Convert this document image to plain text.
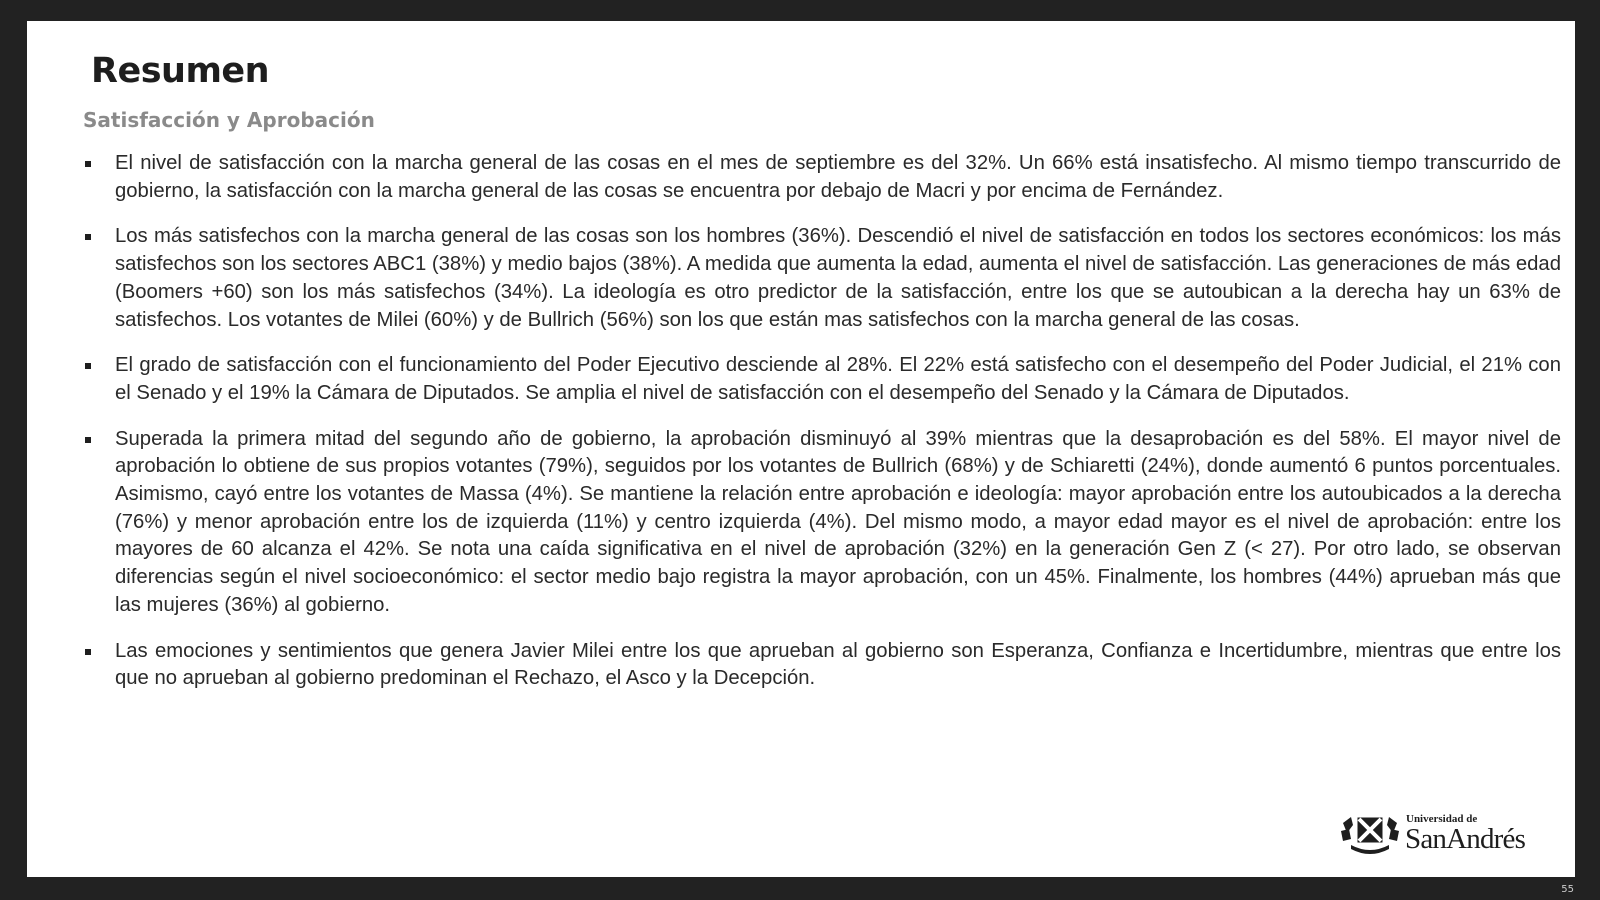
Resumen
Satisfacción y Aprobación
El nivel de satisfacción con la marcha general de las cosas en el mes de septiembre es del 32%. Un 66% está insatisfecho. Al mismo tiempo transcurrido de gobierno, la satisfacción con la marcha general de las cosas se encuentra por debajo de Macri y por encima de Fernández.
Los más satisfechos con la marcha general de las cosas son los hombres (36%). Descendió el nivel de satisfacción en todos los sectores económicos: los más satisfechos son los sectores ABC1 (38%) y medio bajos (38%). A medida que aumenta la edad, aumenta el nivel de satisfacción. Las generaciones de más edad (Boomers +60) son los más satisfechos (34%). La ideología es otro predictor de la satisfacción, entre los que se autoubican a la derecha hay un 63% de satisfechos. Los votantes de Milei (60%) y de Bullrich (56%) son los que están mas satisfechos con la marcha general de las cosas.
El grado de satisfacción con el funcionamiento del Poder Ejecutivo desciende al 28%. El 22% está satisfecho con el desempeño del Poder Judicial, el 21% con el Senado y el 19% la Cámara de Diputados. Se amplia el nivel de satisfacción con el desempeño del Senado y la Cámara de Diputados.
Superada la primera mitad del segundo año de gobierno, la aprobación disminuyó al 39% mientras que la desaprobación es del 58%. El mayor nivel de aprobación lo obtiene de sus propios votantes (79%), seguidos por los votantes de Bullrich (68%) y de Schiaretti (24%), donde aumentó 6 puntos porcentuales. Asimismo, cayó entre los votantes de Massa (4%). Se mantiene la relación entre aprobación e ideología: mayor aprobación entre los autoubicados a la derecha (76%) y menor aprobación entre los de izquierda (11%) y centro izquierda (4%). Del mismo modo, a mayor edad mayor es el nivel de aprobación: entre los mayores de 60 alcanza el 42%. Se nota una caída significativa en el nivel de aprobación (32%) en la generación Gen Z (< 27). Por otro lado, se observan diferencias según el nivel socioeconómico: el sector medio bajo registra la mayor aprobación, con un 45%. Finalmente, los hombres (44%) aprueban más que las mujeres (36%) al gobierno.
Las emociones y sentimientos que genera Javier Milei entre los que aprueban al gobierno son Esperanza, Confianza e Incertidumbre, mientras que entre los que no aprueban al gobierno predominan el Rechazo, el Asco y la Decepción.
Universidad de
SanAndrés
55
